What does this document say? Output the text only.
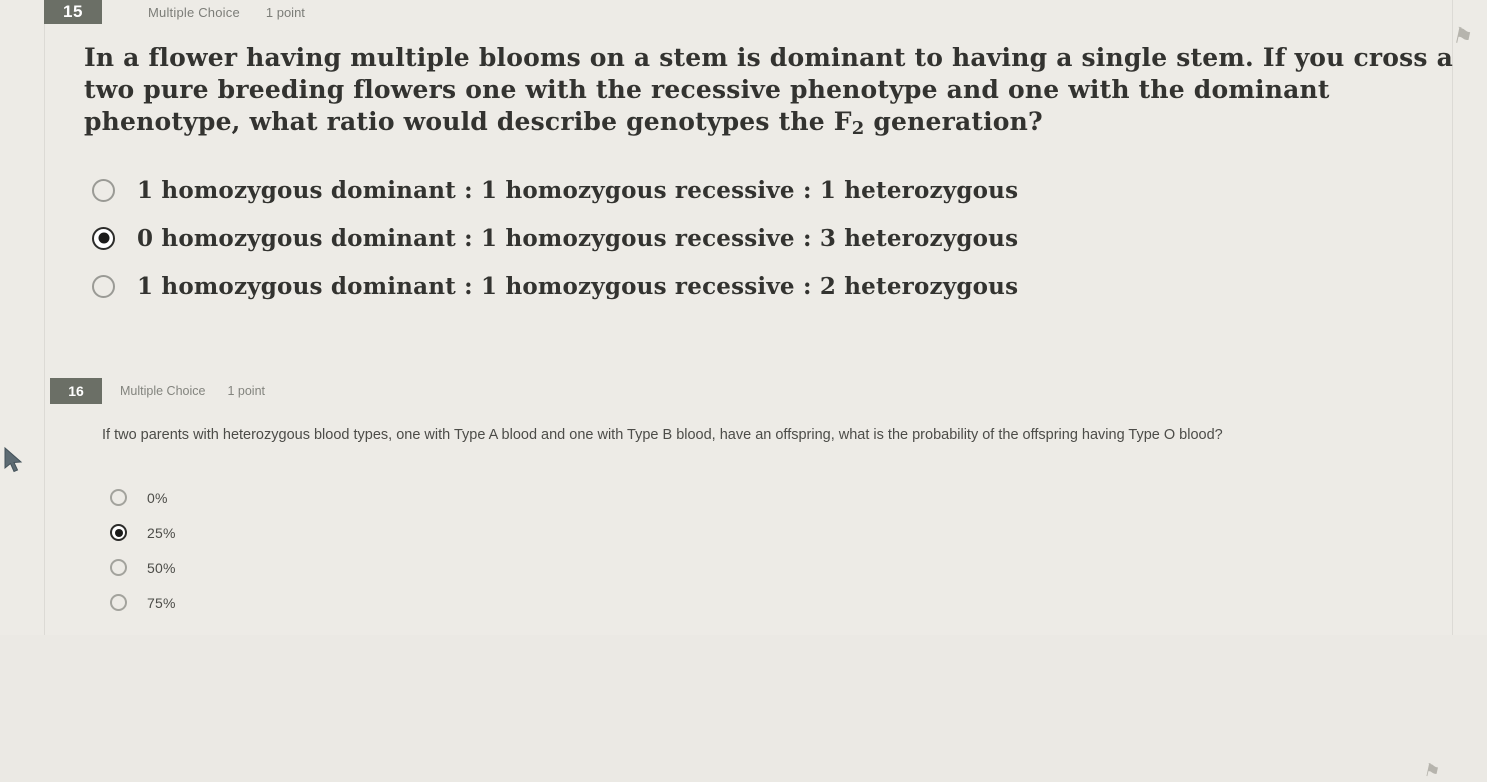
15	Multiple Choice 1 point
⚑
In a flower having multiple blooms on a stem is dominant to having a single stem. If you cross a two pure breeding flowers one with the recessive phenotype and one with the dominant phenotype, what ratio would describe genotypes the $F_2$ generation?
1 homozygous dominant : 1 homozygous recessive : 1 heterozygous
0 homozygous dominant : 1 homozygous recessive : 3 heterozygous
1 homozygous dominant : 1 homozygous recessive : 2 heterozygous
16	Multiple Choice 1 point
⚑
If two parents with heterozygous blood types, one with Type A blood and one with Type B blood, have an offspring, what is the probability of the offspring having Type O blood?
0%
25%
50%
75%
